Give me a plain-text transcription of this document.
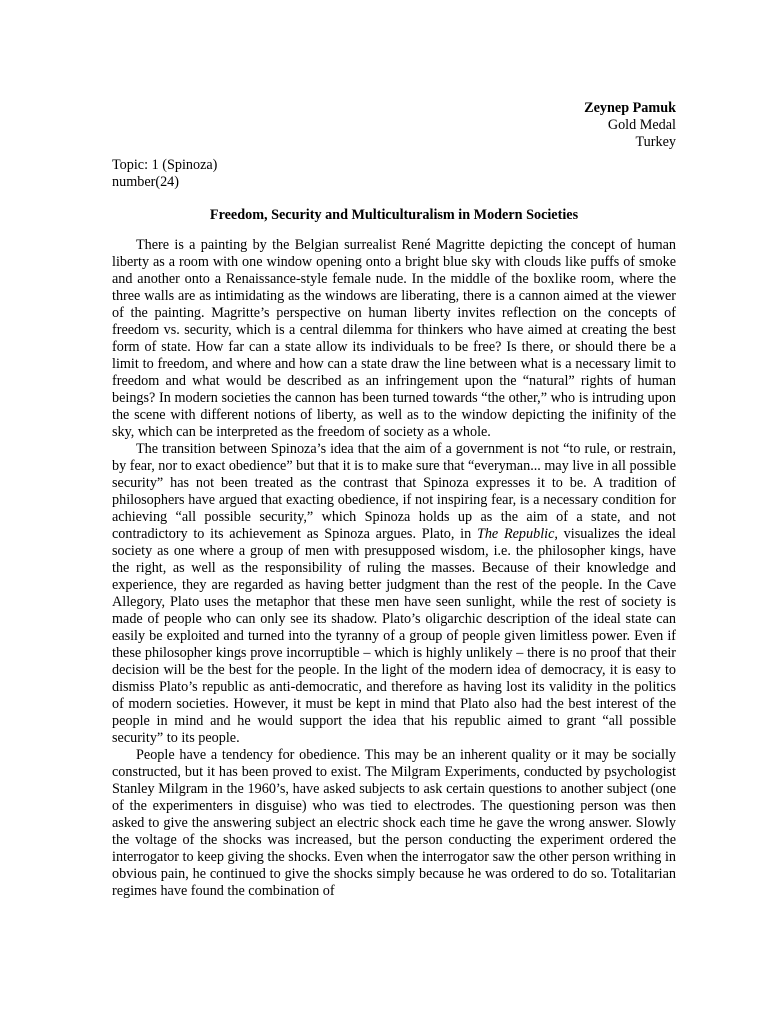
Zeynep Pamuk
Gold Medal
Turkey
Topic: 1 (Spinoza)
number(24)
Freedom, Security and Multiculturalism in Modern Societies

There is a painting by the Belgian surrealist René Magritte depicting the concept of human liberty as a room with one window opening onto a bright blue sky with clouds like puffs of smoke and another onto a Renaissance-style female nude. In the middle of the boxlike room, where the three walls are as intimidating as the windows are liberating, there is a cannon aimed at the viewer of the painting. Magritte’s perspective on human liberty invites reflection on the concepts of freedom vs. security, which is a central dilemma for thinkers who have aimed at creating the best form of state. How far can a state allow its individuals to be free? Is there, or should there be a limit to freedom, and where and how can a state draw the line between what is a necessary limit to freedom and what would be described as an infringement upon the “natural” rights of human beings? In modern societies the cannon has been turned towards “the other,” who is intruding upon the scene with different notions of liberty, as well as to the window depicting the inifinity of the sky, which can be interpreted as the freedom of society as a whole.

The transition between Spinoza’s idea that the aim of a government is not “to rule, or restrain, by fear, nor to exact obedience” but that it is to make sure that “everyman... may live in all possible security” has not been treated as the contrast that Spinoza expresses it to be. A tradition of philosophers have argued that exacting obedience, if not inspiring fear, is a necessary condition for achieving “all possible security,” which Spinoza holds up as the aim of a state, and not contradictory to its achievement as Spinoza argues. Plato, in The Republic, visualizes the ideal society as one where a group of men with presupposed wisdom, i.e. the philosopher kings, have the right, as well as the responsibility of ruling the masses. Because of their knowledge and experience, they are regarded as having better judgment than the rest of the people. In the Cave Allegory, Plato uses the metaphor that these men have seen sunlight, while the rest of society is made of people who can only see its shadow. Plato’s oligarchic description of the ideal state can easily be exploited and turned into the tyranny of a group of people given limitless power. Even if these philosopher kings prove incorruptible – which is highly unlikely – there is no proof that their decision will be the best for the people. In the light of the modern idea of democracy, it is easy to dismiss Plato’s republic as anti-democratic, and therefore as having lost its validity in the politics of modern societies. However, it must be kept in mind that Plato also had the best interest of the people in mind and he would support the idea that his republic aimed to grant “all possible security” to its people.

People have a tendency for obedience. This may be an inherent quality or it may be socially constructed, but it has been proved to exist. The Milgram Experiments, conducted by psychologist Stanley Milgram in the 1960’s, have asked subjects to ask certain questions to another subject (one of the experimenters in disguise) who was tied to electrodes. The questioning person was then asked to give the answering subject an electric shock each time he gave the wrong answer. Slowly the voltage of the shocks was increased, but the person conducting the experiment ordered the interrogator to keep giving the shocks. Even when the interrogator saw the other person writhing in obvious pain, he continued to give the shocks simply because he was ordered to do so. Totalitarian regimes have found the combination of
